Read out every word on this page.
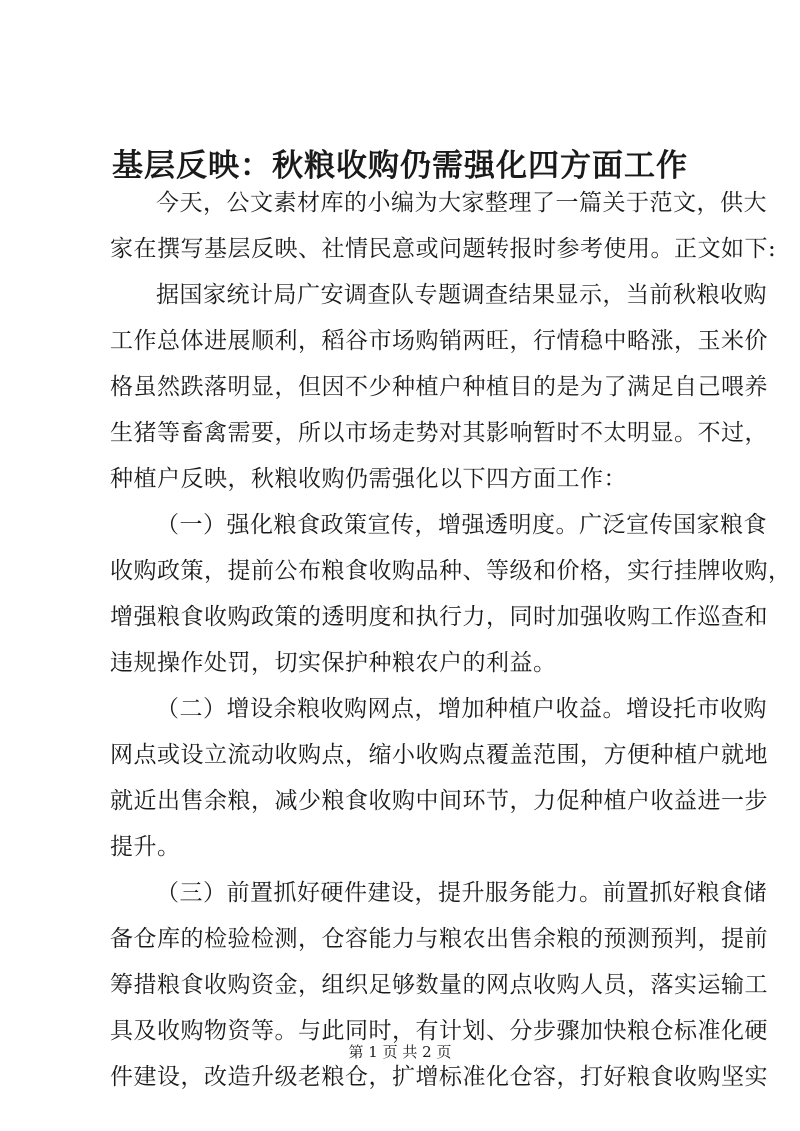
基层反映：秋粮收购仍需强化四方面工作
今天，公文素材库的小编为大家整理了一篇关于范文，供大
家在撰写基层反映、社情民意或问题转报时参考使用。正文如下:
据国家统计局广安调查队专题调查结果显示，当前秋粮收购
工作总体进展顺利，稻谷市场购销两旺，行情稳中略涨，玉米价
格虽然跌落明显，但因不少种植户种植目的是为了满足自己喂养
生猪等畜禽需要，所以市场走势对其影响暂时不太明显。不过，
种植户反映，秋粮收购仍需强化以下四方面工作：
（一）强化粮食政策宣传，增强透明度。广泛宣传国家粮食
收购政策，提前公布粮食收购品种、等级和价格，实行挂牌收购，
增强粮食收购政策的透明度和执行力，同时加强收购工作巡查和
违规操作处罚，切实保护种粮农户的利益。
（二）增设余粮收购网点，增加种植户收益。增设托市收购
网点或设立流动收购点，缩小收购点覆盖范围，方便种植户就地
就近出售余粮，减少粮食收购中间环节，力促种植户收益进一步
提升。
（三）前置抓好硬件建设，提升服务能力。前置抓好粮食储
备仓库的检验检测，仓容能力与粮农出售余粮的预测预判，提前
筹措粮食收购资金，组织足够数量的网点收购人员，落实运输工
具及收购物资等。与此同时，有计划、分步骤加快粮仓标准化硬
件建设，改造升级老粮仓，扩增标准化仓容，打好粮食收购坚实
第 1 页 共 2 页
